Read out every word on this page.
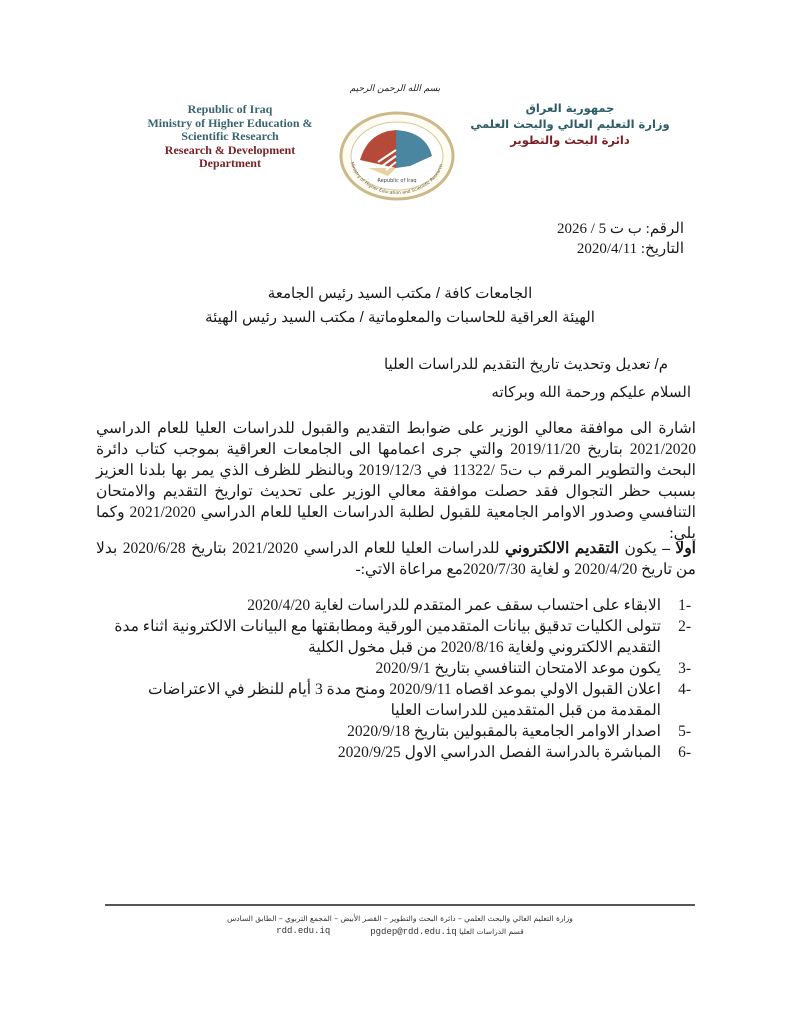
Republic of Iraq
Ministry of Higher Education &
Scientific Research
Research & Development
Department
بسم الله الرحمن الرحيم
Republic of Iraq
Ministry of Higher Education and Scientific Research
جمهورية العراق
وزارة التعليم العالي والبحث العلمي
دائرة البحث والتطوير
الرقم: ب ت 5 / 2026
التاريخ: 2020/4/11
الجامعات كافة / مكتب السيد رئيس الجامعة
الهيئة العراقية للحاسبات والمعلوماتية / مكتب السيد رئيس الهيئة
م/ تعديل وتحديث تاريخ التقديم للدراسات العليا
السلام عليكم ورحمة الله وبركاته
اشارة الى موافقة معالي الوزير على ضوابط التقديم والقبول للدراسات العليا للعام الدراسي 2021/2020 بتاريخ 2019/11/20 والتي جرى اعمامها الى الجامعات العراقية بموجب كتاب دائرة البحث والتطوير المرقم ب ت5 /11322 في 2019/12/3 وبالنظر للظرف الذي يمر بها بلدنا العزيز بسبب حظر التجوال فقد حصلت موافقة معالي الوزير على تحديث تواريخ التقديم والامتحان التنافسي وصدور الاوامر الجامعية للقبول لطلبة الدراسات العليا للعام الدراسي 2021/2020 وكما يلي:
اولا – يكون التقديم الالكتروني للدراسات العليا للعام الدراسي 2021/2020 بتاريخ 2020/6/28 بدلا من تاريخ 2020/4/20 و لغاية 2020/7/30مع مراعاة الاتي:-
1-
الابقاء على احتساب سقف عمر المتقدم للدراسات لغاية 2020/4/20
2-
تتولى الكليات تدقيق بيانات المتقدمين الورقية ومطابقتها مع البيانات الالكترونية اثناء مدة التقديم الالكتروني ولغاية 2020/8/16 من قبل مخول الكلية
3-
يكون موعد الامتحان التنافسي بتاريخ 2020/9/1
4-
اعلان القبول الاولي بموعد اقصاه 2020/9/11 ومنح مدة 3 أيام للنظر في الاعتراضات المقدمة من قبل المتقدمين للدراسات العليا
5-
اصدار الاوامر الجامعية بالمقبولين بتاريخ 2020/9/18
6-
المباشرة بالدراسة الفصل الدراسي الاول 2020/9/25
وزارة التعليم العالي والبحث العلمي – دائرة البحث والتطوير – القصر الأبيض – المجمع التربوي – الطابق السادس
rdd.edu.iq	pgdep@rdd.edu.iq قسم الدراسات العليا
